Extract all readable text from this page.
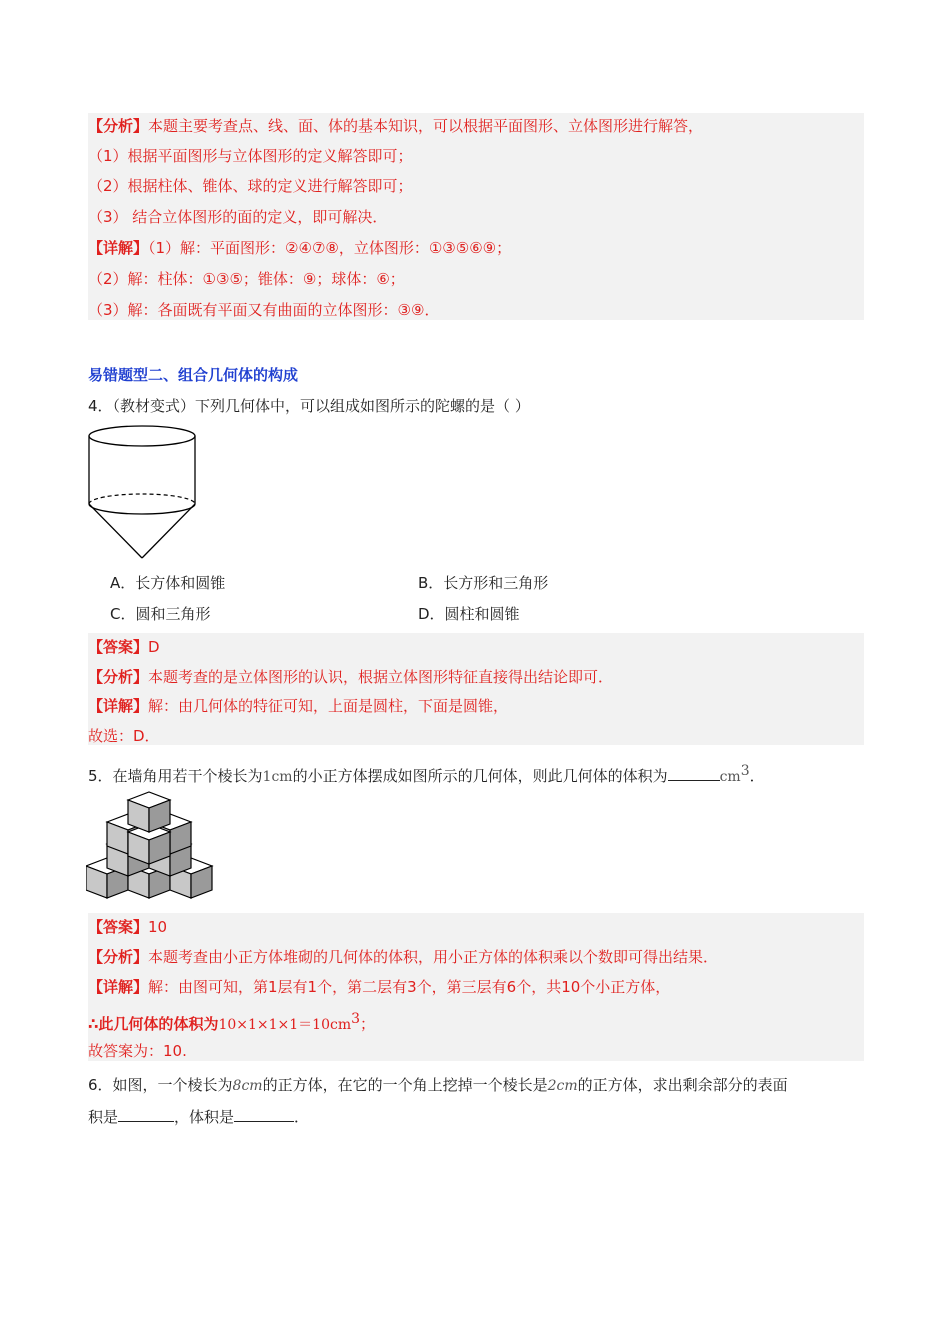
【分析】本题主要考查点、线、面、体的基本知识，可以根据平面图形、立体图形进行解答，
（1）根据平面图形与立体图形的定义解答即可；
（2）根据柱体、锥体、球的定义进行解答即可；
（3） 结合立体图形的面的定义，即可解决．
【详解】（1）解：平面图形：②④⑦⑧，立体图形：①③⑤⑥⑨；
（2）解：柱体：①③⑤；锥体：⑨；球体：⑥；
（3）解：各面既有平面又有曲面的立体图形：③⑨．
易错题型二、组合几何体的构成
4．（教材变式）下列几何体中，可以组成如图所示的陀螺的是（ ）
A．长方体和圆锥	B．长方形和三角形
C．圆和三角形	D．圆柱和圆锥
【答案】D
【分析】本题考查的是立体图形的认识，根据立体图形特征直接得出结论即可．
【详解】解：由几何体的特征可知，上面是圆柱，下面是圆锥，
故选：D．
5．在墙角用若干个棱长为1cm的小正方体摆成如图所示的几何体，则此几何体的体积为	$cm^3$．
【答案】10
【分析】本题考查由小正方体堆砌的几何体的体积，用小正方体的体积乘以个数即可得出结果．
【详解】解：由图可知，第1层有1个，第二层有3个，第三层有6个，共10个小正方体，
∴此几何体的体积为$10\times 1\times 1\times 1=10cm^3$；
故答案为：10.
6．如图，一个棱长为8cm的正方体，在它的一个角上挖掉一个棱长是2cm的正方体，求出剩余部分的表面
积是	，体积是	．
